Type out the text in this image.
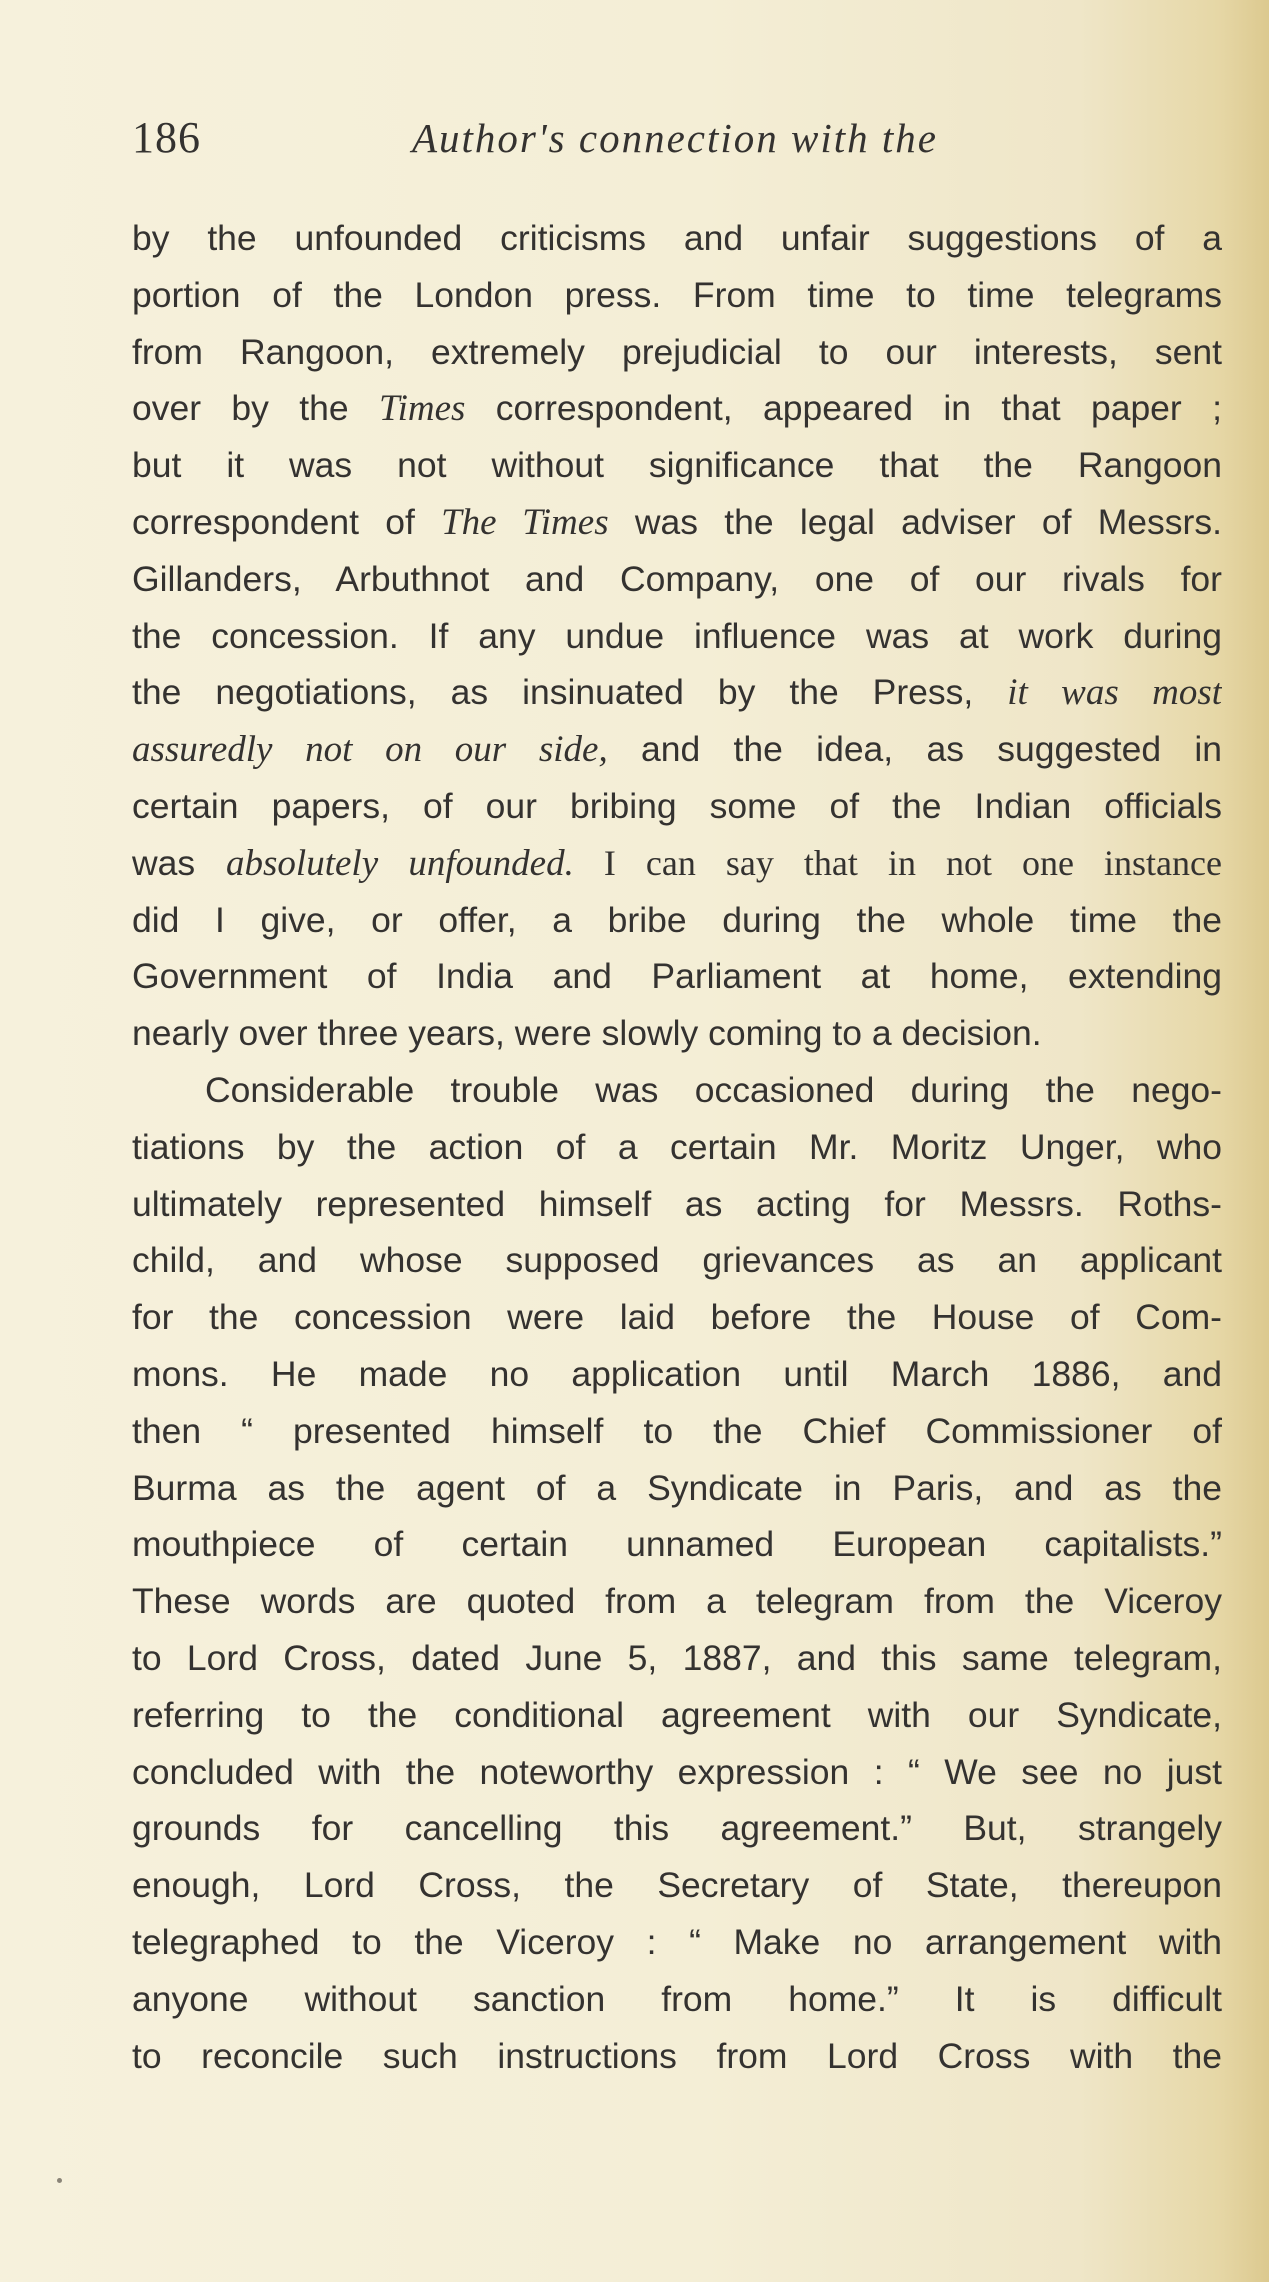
186	Author's connection with the
by the unfounded criticisms and unfair suggestions of a
portion of the London press. From time to time telegrams
from Rangoon, extremely prejudicial to our interests, sent
over by the Times correspondent, appeared in that paper ;
but it was not without significance that the Rangoon
correspondent of The Times was the legal adviser of Messrs.
Gillanders, Arbuthnot and Company, one of our rivals for
the concession. If any undue influence was at work during
the negotiations, as insinuated by the Press, it was most
assuredly not on our side, and the idea, as suggested in
certain papers, of our bribing some of the Indian officials
was absolutely unfounded. I can say that in not one instance
did I give, or offer, a bribe during the whole time the
Government of India and Parliament at home, extending
nearly over three years, were slowly coming to a decision.
Considerable trouble was occasioned during the nego-
tiations by the action of a certain Mr. Moritz Unger, who
ultimately represented himself as acting for Messrs. Roths-
child, and whose supposed grievances as an applicant
for the concession were laid before the House of Com-
mons. He made no application until March 1886, and
then “ presented himself to the Chief Commissioner of
Burma as the agent of a Syndicate in Paris, and as the
mouthpiece of certain unnamed European capitalists.”
These words are quoted from a telegram from the Viceroy
to Lord Cross, dated June 5, 1887, and this same telegram,
referring to the conditional agreement with our Syndicate,
concluded with the noteworthy expression : “ We see no just
grounds for cancelling this agreement.” But, strangely
enough, Lord Cross, the Secretary of State, thereupon
telegraphed to the Viceroy : “ Make no arrangement with
anyone without sanction from home.” It is difficult
to reconcile such instructions from Lord Cross with the
